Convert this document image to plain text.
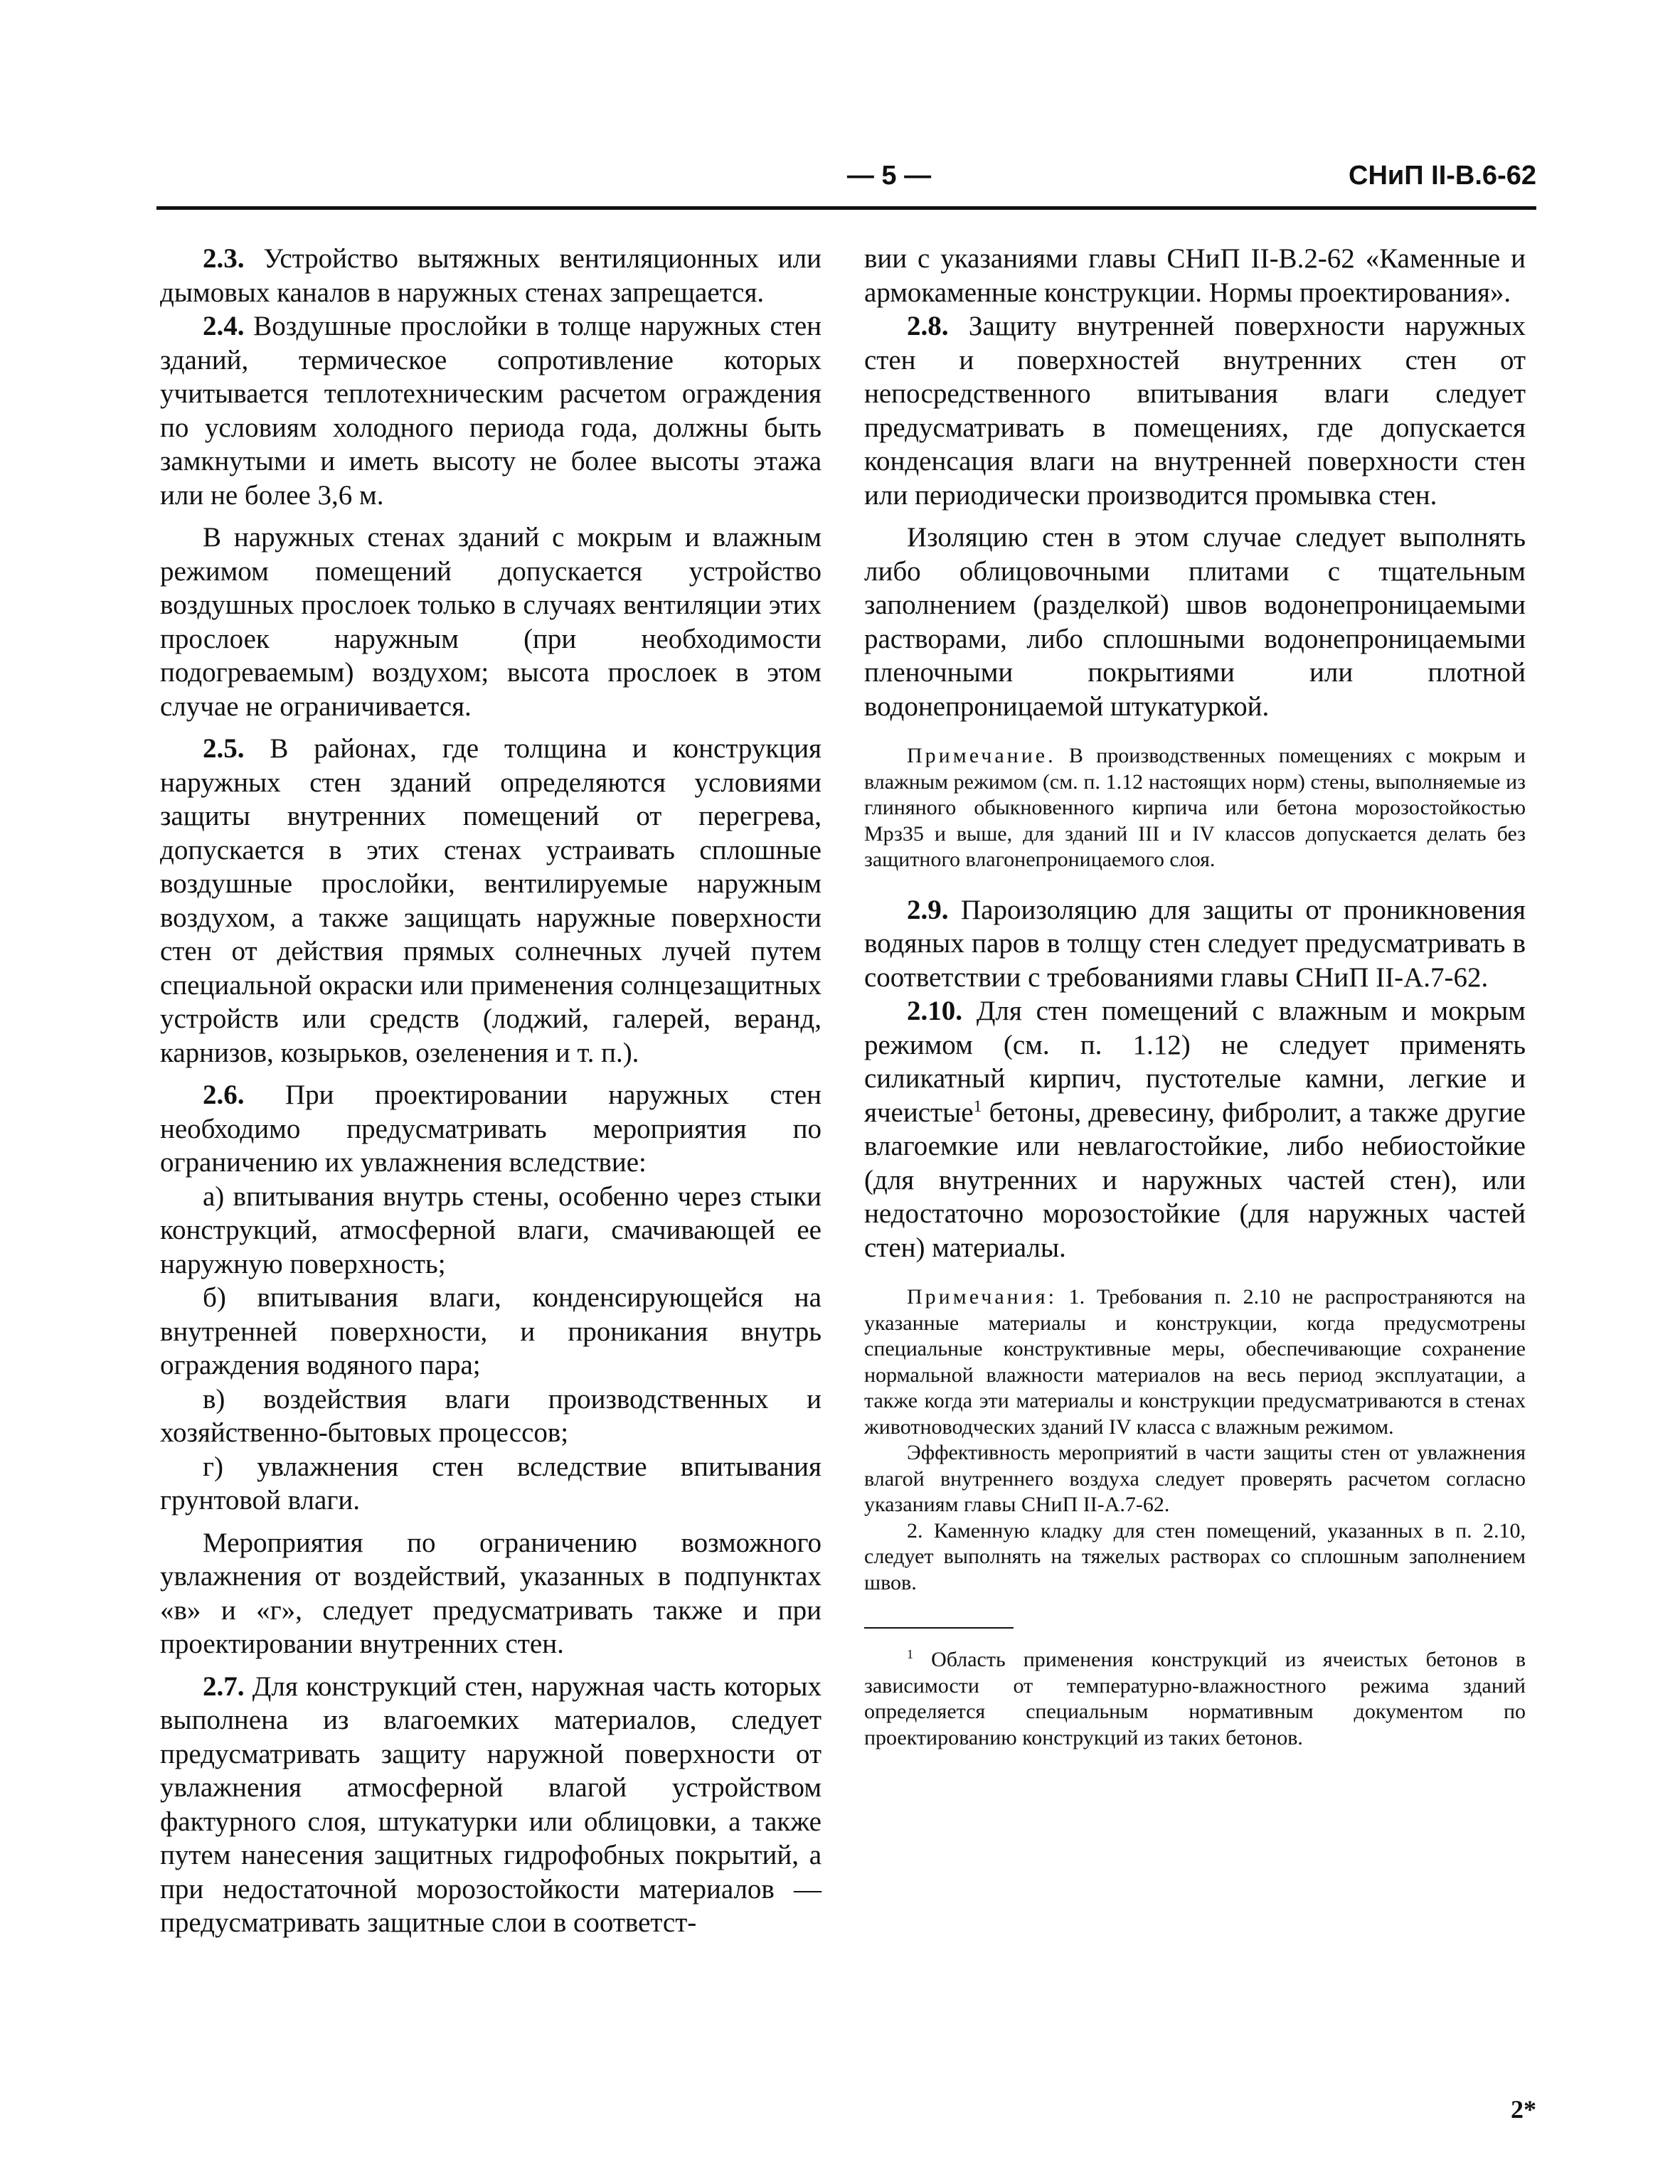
— 5 —	СНиП II-В.6-62

2.3. Устройство вытяжных вентиляционных или дымовых каналов в наружных стенах запрещается.

2.4. Воздушные прослойки в толще наружных стен зданий, термическое сопротивление которых учитывается теплотехническим расчетом ограждения по условиям холодного периода года, должны быть замкнутыми и иметь высоту не более высоты этажа или не более 3,6 м.

В наружных стенах зданий с мокрым и влажным режимом помещений допускается устройство воздушных прослоек только в случаях вентиляции этих прослоек наружным (при необходимости подогреваемым) воздухом; высота прослоек в этом случае не ограничивается.

2.5. В районах, где толщина и конструкция наружных стен зданий определяются условиями защиты внутренних помещений от перегрева, допускается в этих стенах устраивать сплошные воздушные прослойки, вентилируемые наружным воздухом, а также защищать наружные поверхности стен от действия прямых солнечных лучей путем специальной окраски или применения солнцезащитных устройств или средств (лоджий, галерей, веранд, карнизов, козырьков, озеленения и т. п.).

2.6. При проектировании наружных стен необходимо предусматривать мероприятия по ограничению их увлажнения вследствие:

а) впитывания внутрь стены, особенно через стыки конструкций, атмосферной влаги, смачивающей ее наружную поверхность;

б) впитывания влаги, конденсирующейся на внутренней поверхности, и проникания внутрь ограждения водяного пара;

в) воздействия влаги производственных и хозяйственно-бытовых процессов;

г) увлажнения стен вследствие впитывания грунтовой влаги.

Мероприятия по ограничению возможного увлажнения от воздействий, указанных в подпунктах «в» и «г», следует предусматривать также и при проектировании внутренних стен.

2.7. Для конструкций стен, наружная часть которых выполнена из влагоемких материалов, следует предусматривать защиту наружной поверхности от увлажнения атмосферной влагой устройством фактурного слоя, штукатурки или облицовки, а также путем нанесения защитных гидрофобных покрытий, а при недостаточной морозостойкости материалов — предусматривать защитные слои в соответст-

вии с указаниями главы СНиП II-В.2-62 «Каменные и армокаменные конструкции. Нормы проектирования».

2.8. Защиту внутренней поверхности наружных стен и поверхностей внутренних стен от непосредственного впитывания влаги следует предусматривать в помещениях, где допускается конденсация влаги на внутренней поверхности стен или периодически производится промывка стен.

Изоляцию стен в этом случае следует выполнять либо облицовочными плитами с тщательным заполнением (разделкой) швов водонепроницаемыми растворами, либо сплошными водонепроницаемыми пленочными покрытиями или плотной водонепроницаемой штукатуркой.

Примечание. В производственных помещениях с мокрым и влажным режимом (см. п. 1.12 настоящих норм) стены, выполняемые из глиняного обыкновенного кирпича или бетона морозостойкостью Мрз35 и выше, для зданий III и IV классов допускается делать без защитного влагонепроницаемого слоя.

2.9. Пароизоляцию для защиты от проникновения водяных паров в толщу стен следует предусматривать в соответствии с требованиями главы СНиП II-А.7-62.

2.10. Для стен помещений с влажным и мокрым режимом (см. п. 1.12) не следует применять силикатный кирпич, пустотелые камни, легкие и ячеистые$^1$ бетоны, древесину, фибролит, а также другие влагоемкие или невлагостойкие, либо небиостойкие (для внутренних и наружных частей стен), или недостаточно морозостойкие (для наружных частей стен) материалы.

Примечания: 1. Требования п. 2.10 не распространяются на указанные материалы и конструкции, когда предусмотрены специальные конструктивные меры, обеспечивающие сохранение нормальной влажности материалов на весь период эксплуатации, а также когда эти материалы и конструкции предусматриваются в стенах животноводческих зданий IV класса с влажным режимом.

Эффективность мероприятий в части защиты стен от увлажнения влагой внутреннего воздуха следует проверять расчетом согласно указаниям главы СНиП II-А.7-62.

2. Каменную кладку для стен помещений, указанных в п. 2.10, следует выполнять на тяжелых растворах со сплошным заполнением швов.

$^1$ Область применения конструкций из ячеистых бетонов в зависимости от температурно-влажностного режима зданий определяется специальным нормативным документом по проектированию конструкций из таких бетонов.

2*
